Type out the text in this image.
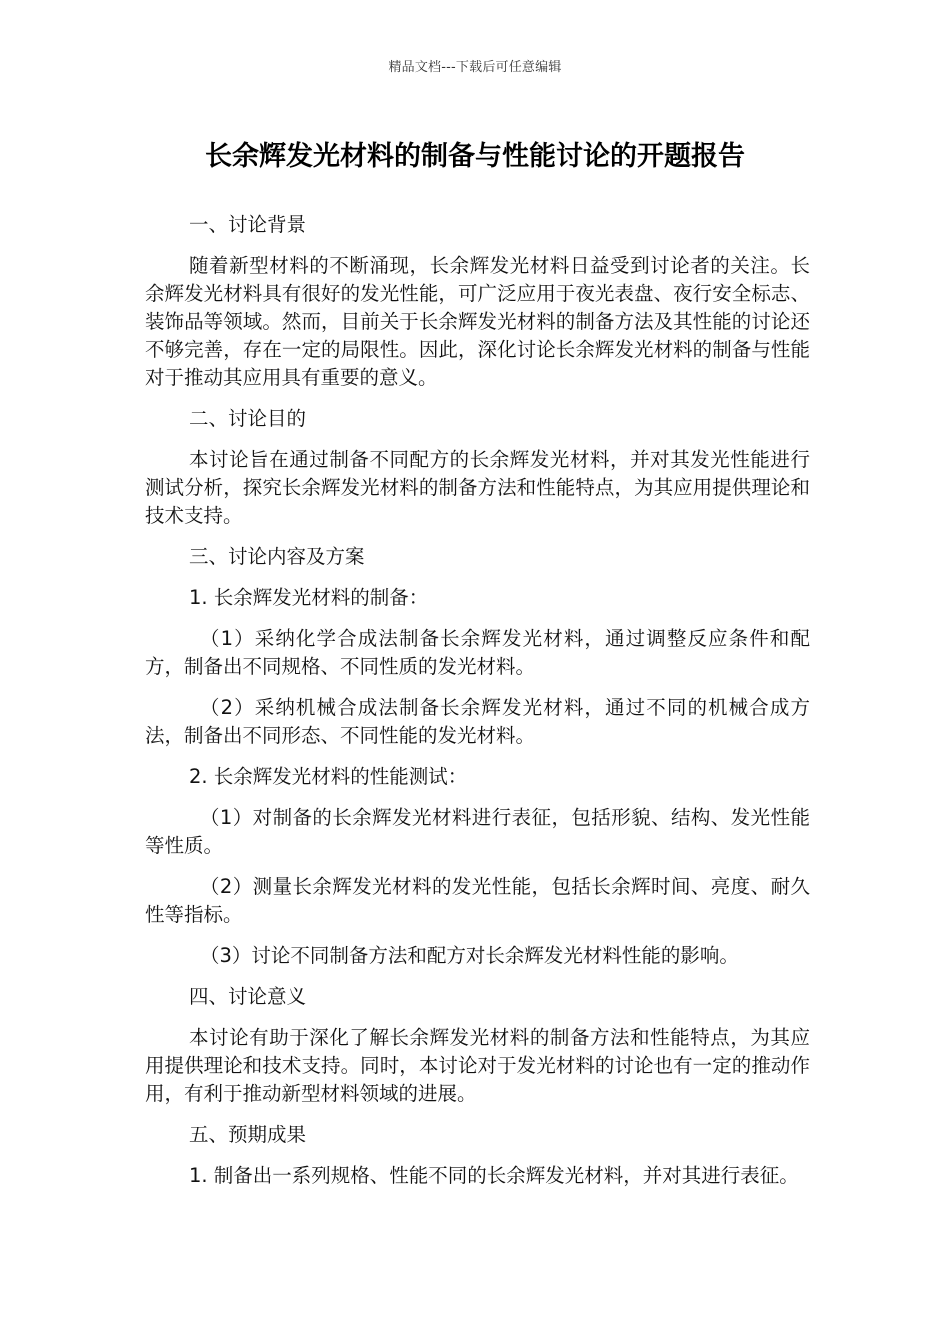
精品文档---下载后可任意编辑
长余辉发光材料的制备与性能讨论的开题报告

一、讨论背景

随着新型材料的不断涌现，长余辉发光材料日益受到讨论者的关注。长余辉发光材料具有很好的发光性能，可广泛应用于夜光表盘、夜行安全标志、装饰品等领域。然而，目前关于长余辉发光材料的制备方法及其性能的讨论还不够完善，存在一定的局限性。因此，深化讨论长余辉发光材料的制备与性能对于推动其应用具有重要的意义。

二、讨论目的

本讨论旨在通过制备不同配方的长余辉发光材料，并对其发光性能进行测试分析，探究长余辉发光材料的制备方法和性能特点，为其应用提供理论和技术支持。

三、讨论内容及方案

1. 长余辉发光材料的制备：

（1）采纳化学合成法制备长余辉发光材料，通过调整反应条件和配方，制备出不同规格、不同性质的发光材料。

（2）采纳机械合成法制备长余辉发光材料，通过不同的机械合成方法，制备出不同形态、不同性能的发光材料。

2. 长余辉发光材料的性能测试：

（1）对制备的长余辉发光材料进行表征，包括形貌、结构、发光性能等性质。

（2）测量长余辉发光材料的发光性能，包括长余辉时间、亮度、耐久性等指标。

（3）讨论不同制备方法和配方对长余辉发光材料性能的影响。

四、讨论意义

本讨论有助于深化了解长余辉发光材料的制备方法和性能特点，为其应用提供理论和技术支持。同时，本讨论对于发光材料的讨论也有一定的推动作用，有利于推动新型材料领域的进展。

五、预期成果

1. 制备出一系列规格、性能不同的长余辉发光材料，并对其进行表征。
